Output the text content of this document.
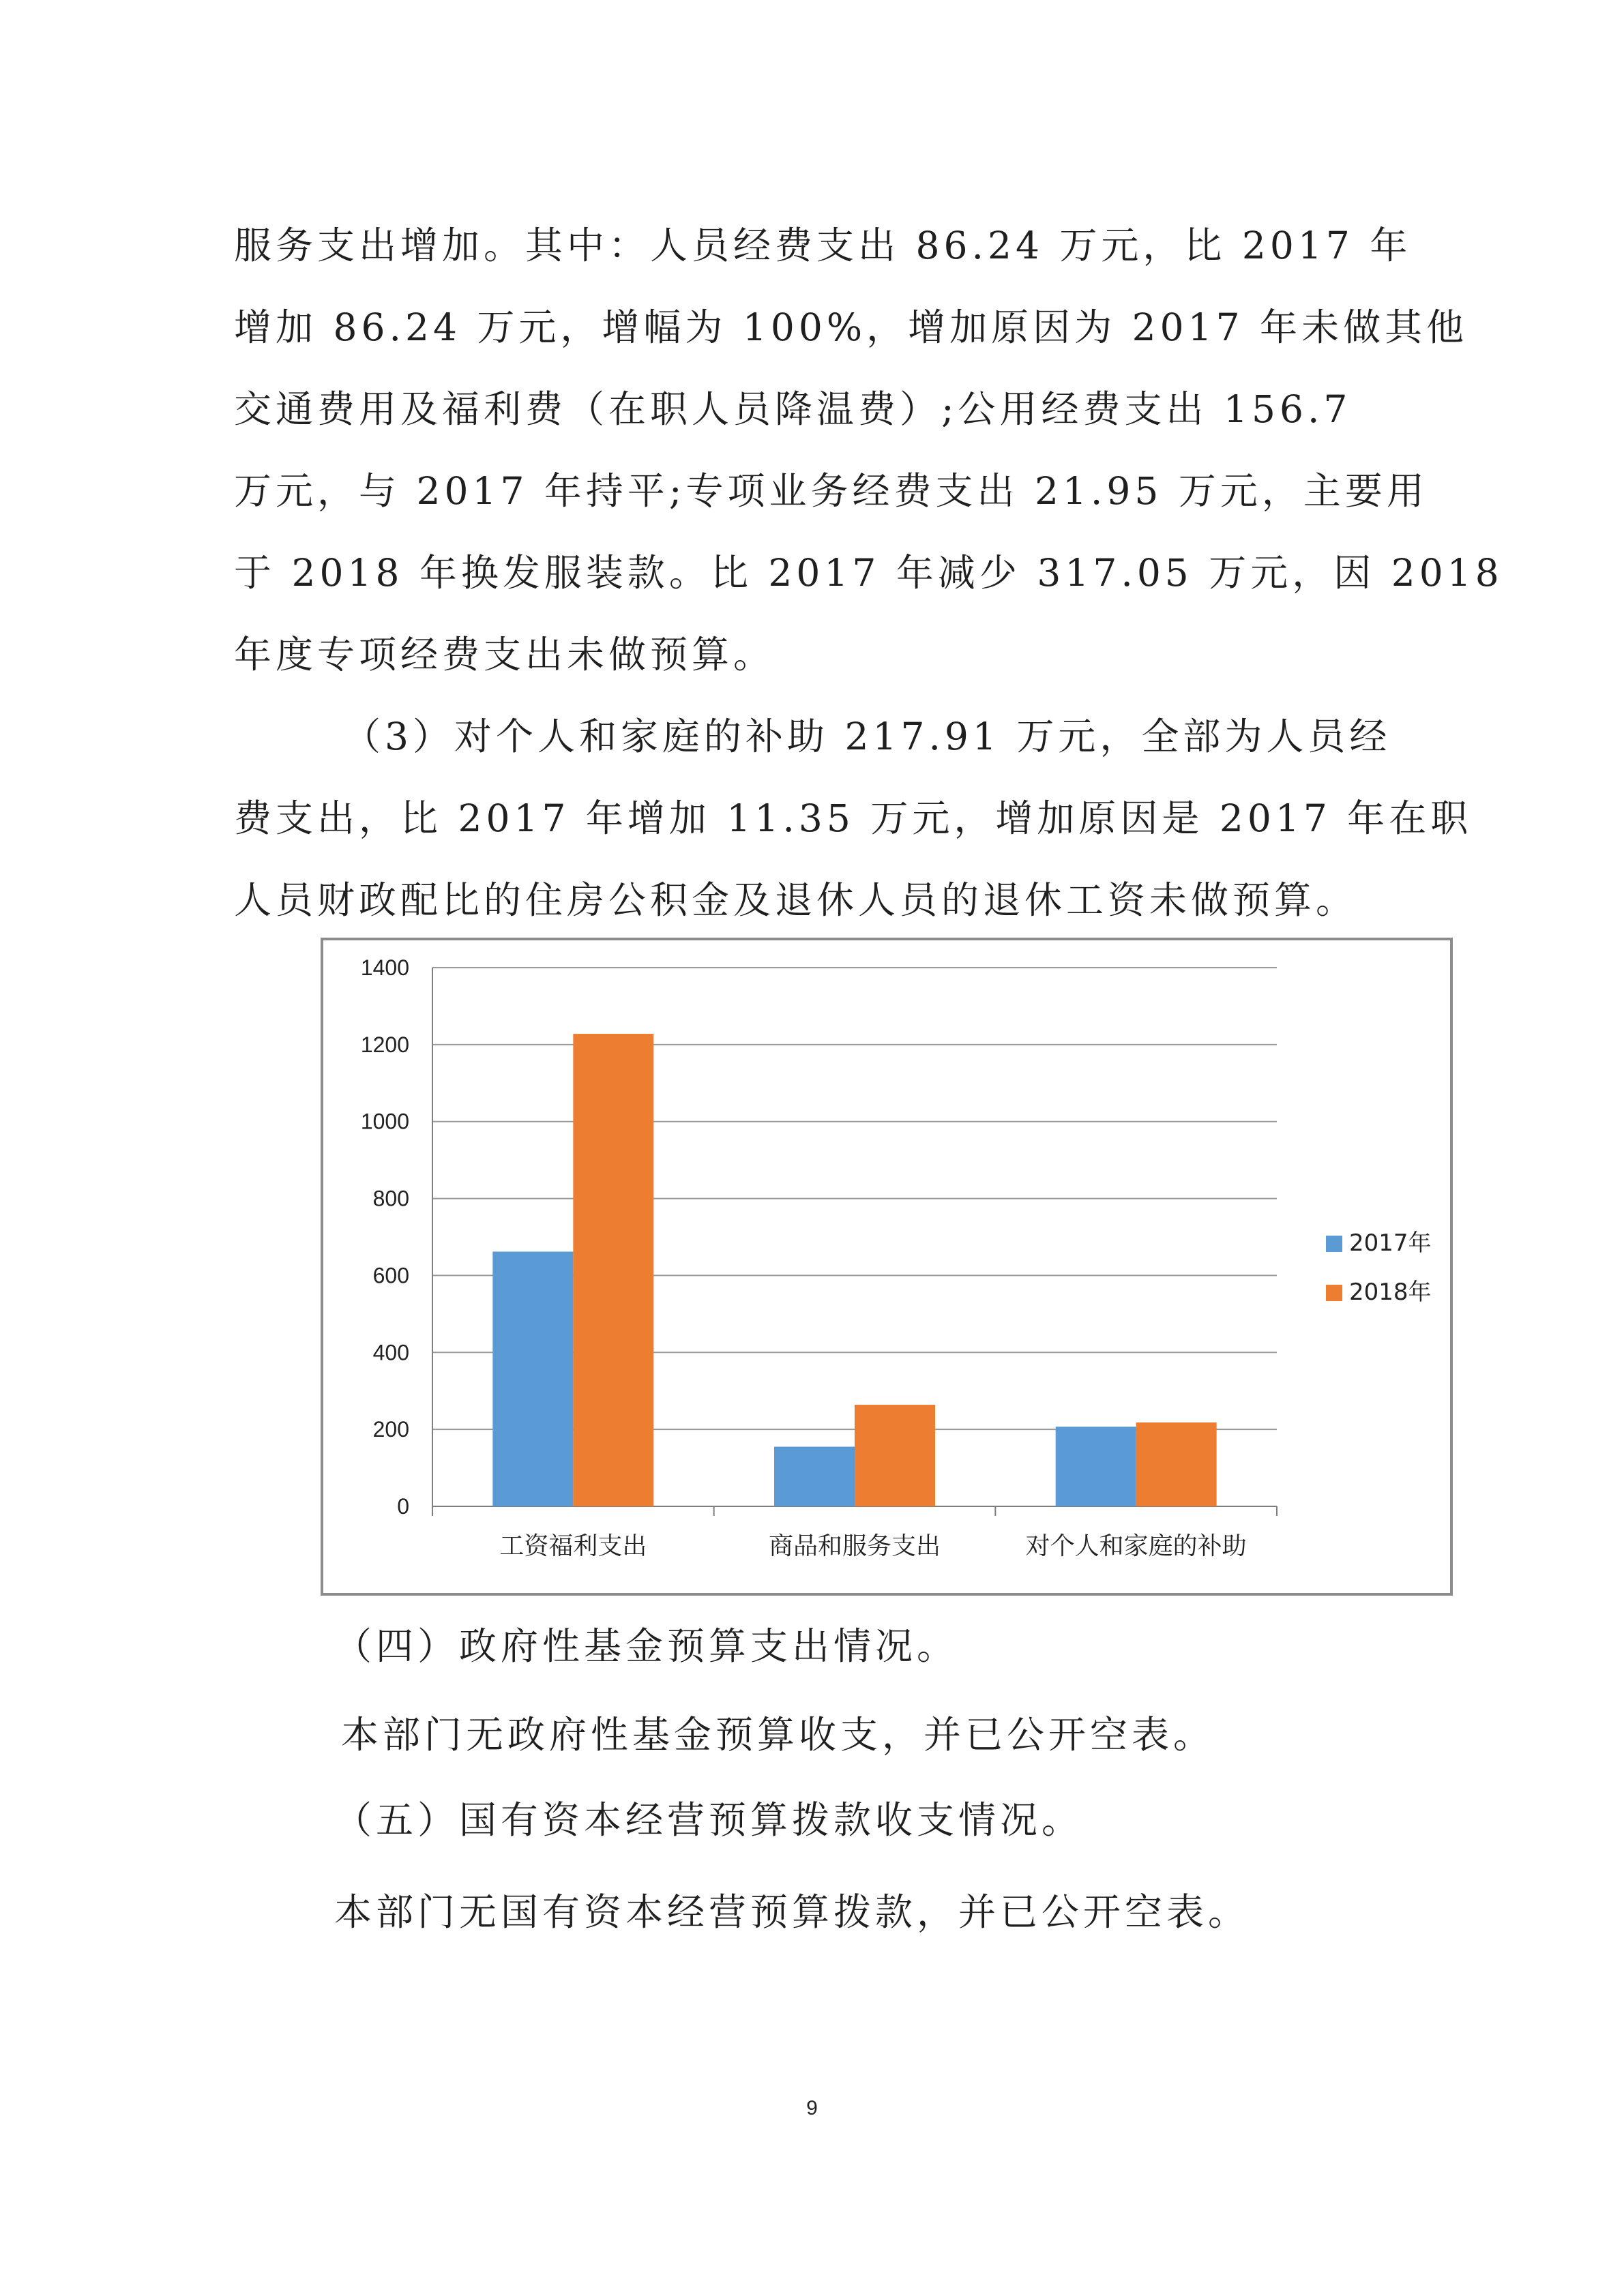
服务支出增加。其中：人员经费支出 86.24 万元，比 2017 年
增加 86.24 万元，增幅为 100%，增加原因为 2017 年未做其他
交通费用及福利费（在职人员降温费）;公用经费支出 156.7
万元，与 2017 年持平;专项业务经费支出 21.95 万元，主要用
于 2018 年换发服装款。比 2017 年减少 317.05 万元，因 2018
年度专项经费支出未做预算。
（3）对个人和家庭的补助 217.91 万元，全部为人员经
费支出，比 2017 年增加 11.35 万元，增加原因是 2017 年在职
人员财政配比的住房公积金及退休人员的退休工资未做预算。
0
200
400
600
800
1000
1200
1400
工资福利支出	商品和服务支出	对个人和家庭的补助
2017年
2018年

（四）政府性基金预算支出情况。

本部门无政府性基金预算收支，并已公开空表。

（五）国有资本经营预算拨款收支情况。

本部门无国有资本经营预算拨款，并已公开空表。

9
